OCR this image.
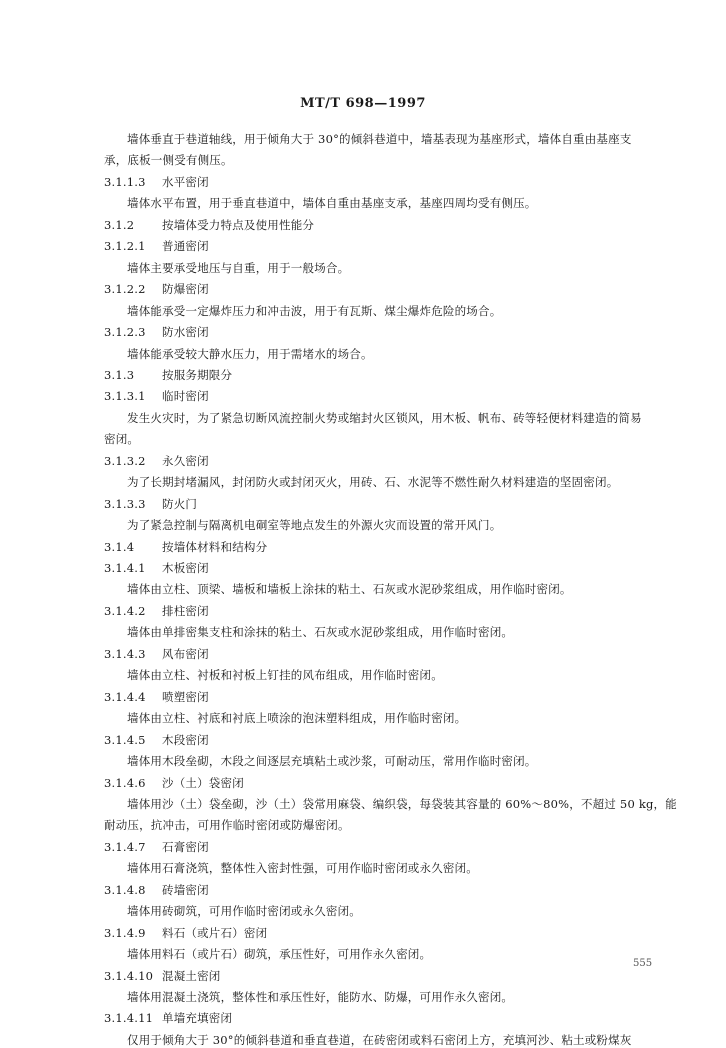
MT/T 698—1997
墙体垂直于巷道轴线，用于倾角大于 30°的倾斜巷道中，墙基表现为基座形式，墙体自重由基座支
承，底板一侧受有侧压。
3.1.1.3 水平密闭
墙体水平布置，用于垂直巷道中，墙体自重由基座支承，基座四周均受有侧压。
3.1.2 按墙体受力特点及使用性能分
3.1.2.1 普通密闭
墙体主要承受地压与自重，用于一般场合。
3.1.2.2 防爆密闭
墙体能承受一定爆炸压力和冲击波，用于有瓦斯、煤尘爆炸危险的场合。
3.1.2.3 防水密闭
墙体能承受较大静水压力，用于需堵水的场合。
3.1.3 按服务期限分
3.1.3.1 临时密闭
发生火灾时，为了紧急切断风流控制火势或缩封火区锁风，用木板、帆布、砖等轻便材料建造的简易
密闭。
3.1.3.2 永久密闭
为了长期封堵漏风，封闭防火或封闭灭火，用砖、石、水泥等不燃性耐久材料建造的坚固密闭。
3.1.3.3 防火门
为了紧急控制与隔离机电硐室等地点发生的外源火灾而设置的常开风门。
3.1.4 按墙体材料和结构分
3.1.4.1 木板密闭
墙体由立柱、顶梁、墙板和墙板上涂抹的粘土、石灰或水泥砂浆组成，用作临时密闭。
3.1.4.2 排柱密闭
墙体由单排密集支柱和涂抹的粘土、石灰或水泥砂浆组成，用作临时密闭。
3.1.4.3 风布密闭
墙体由立柱、衬板和衬板上钉挂的风布组成，用作临时密闭。
3.1.4.4 喷塑密闭
墙体由立柱、衬底和衬底上喷涂的泡沫塑料组成，用作临时密闭。
3.1.4.5 木段密闭
墙体用木段垒砌，木段之间逐层充填粘土或沙浆，可耐动压，常用作临时密闭。
3.1.4.6 沙（土）袋密闭
墙体用沙（土）袋垒砌，沙（土）袋常用麻袋、编织袋，每袋装其容量的 60%～80%，不超过 50 kg，能
耐动压，抗冲击，可用作临时密闭或防爆密闭。
3.1.4.7 石膏密闭
墙体用石膏浇筑，整体性入密封性强，可用作临时密闭或永久密闭。
3.1.4.8 砖墙密闭
墙体用砖砌筑，可用作临时密闭或永久密闭。
3.1.4.9 料石（或片石）密闭
墙体用料石（或片石）砌筑，承压性好，可用作永久密闭。
3.1.4.10 混凝土密闭
墙体用混凝土浇筑，整体性和承压性好，能防水、防爆，可用作永久密闭。
3.1.4.11 单墙充填密闭
仅用于倾角大于 30°的倾斜巷道和垂直巷道，在砖密闭或料石密闭上方，充填河沙、粘土或粉煤灰
555
